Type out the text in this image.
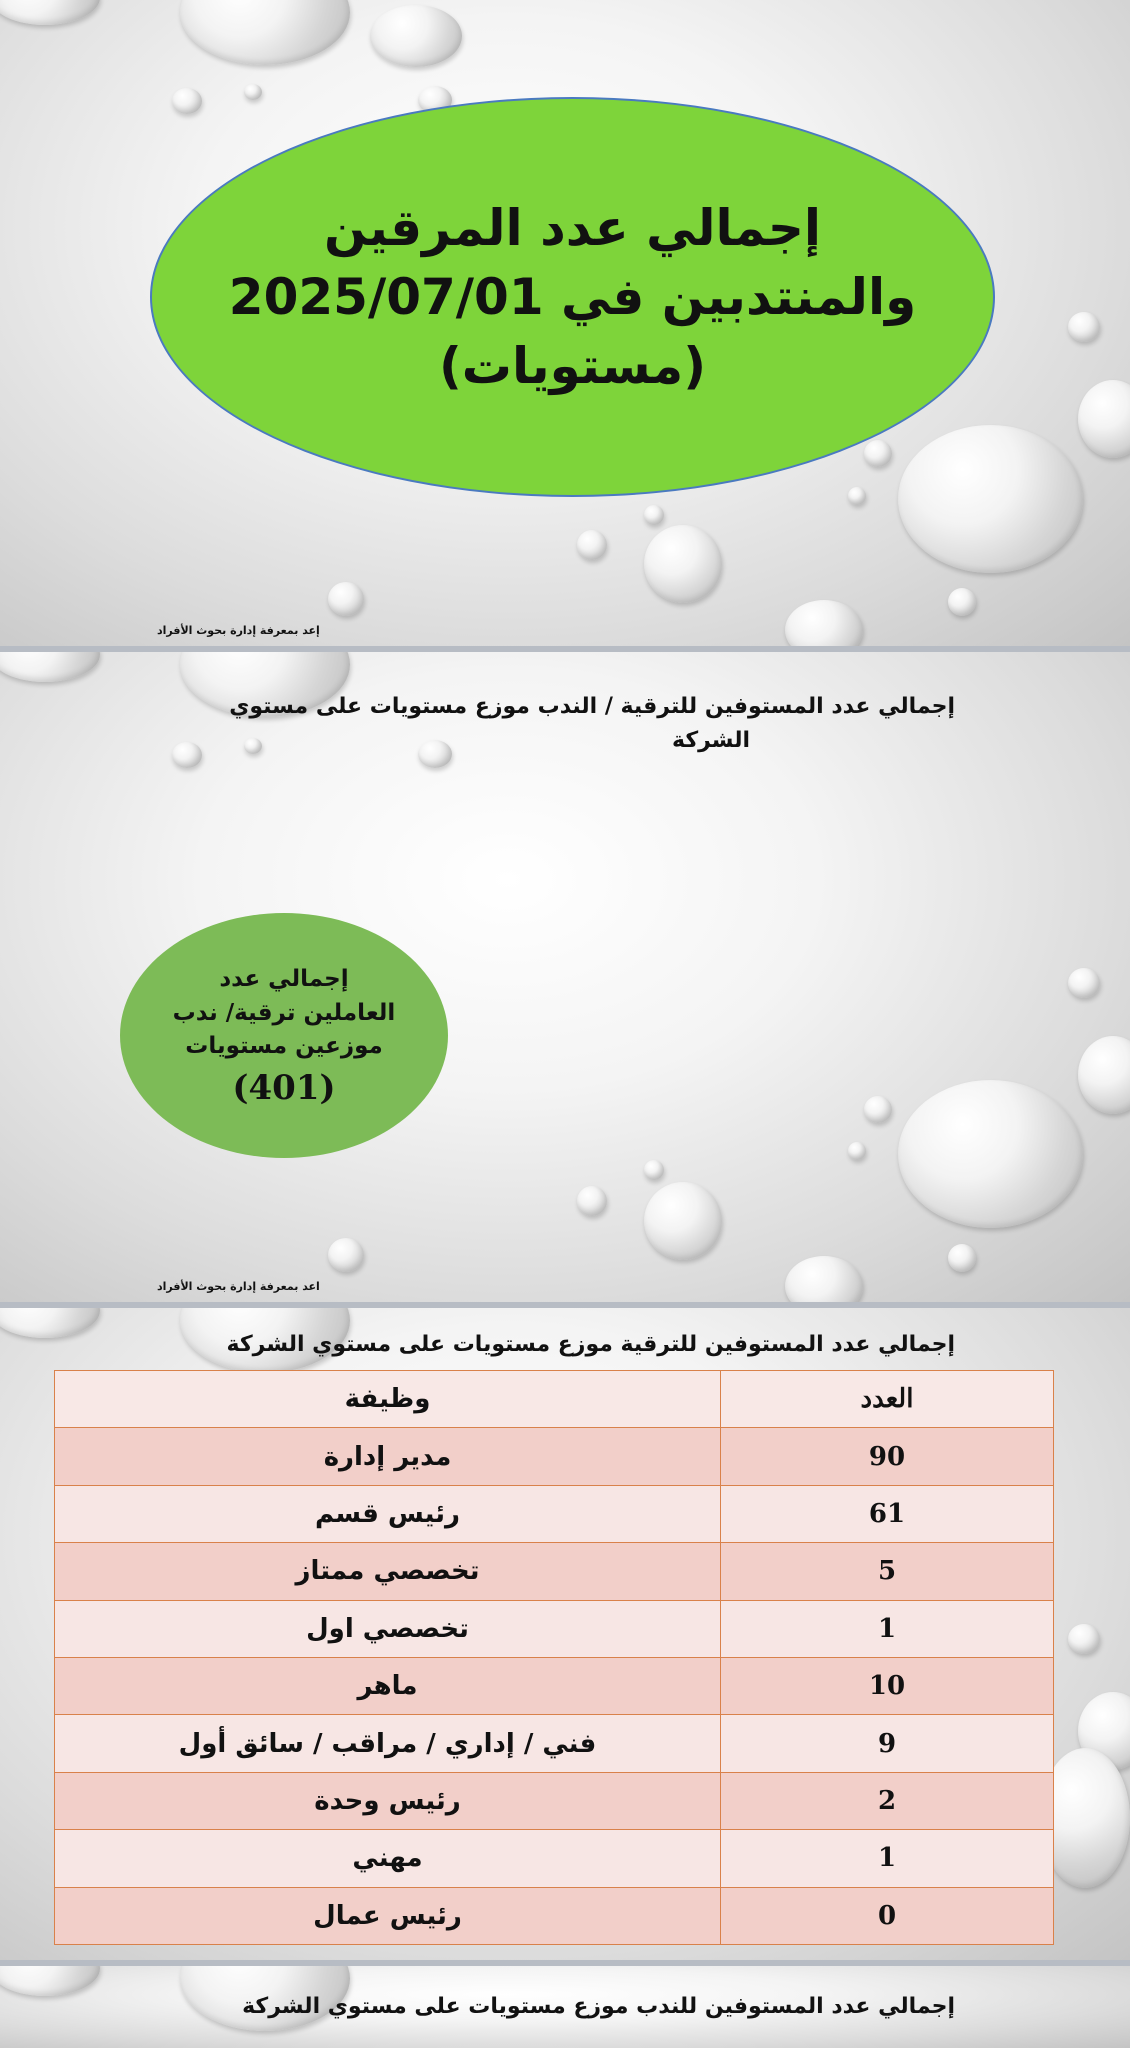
إجمالي عدد المرقين
والمنتدبين في 2025/07/01
(مستويات)
إعد بمعرفة إدارة بحوث الأفراد
إجمالي عدد المستوفين للترقية / الندب موزع مستويات على مستوي
الشركة
اعد بمعرفة إدارة بحوث الأفراد
إجمالي عدد
العاملين ترقية/ ندب
موزعين مستويات
(401)
إجمالي عدد المستوفين للترقية موزع مستويات على مستوي الشركة
العدد	وظيفة
90	مدير إدارة
61	رئيس قسم
5	تخصصي ممتاز
1	تخصصي اول
10	ماهر
9	فني / إداري / مراقب / سائق أول
2	رئيس وحدة
1	مهني
0	رئيس عمال
إجمالي عدد المستوفين للندب موزع مستويات على مستوي الشركة
